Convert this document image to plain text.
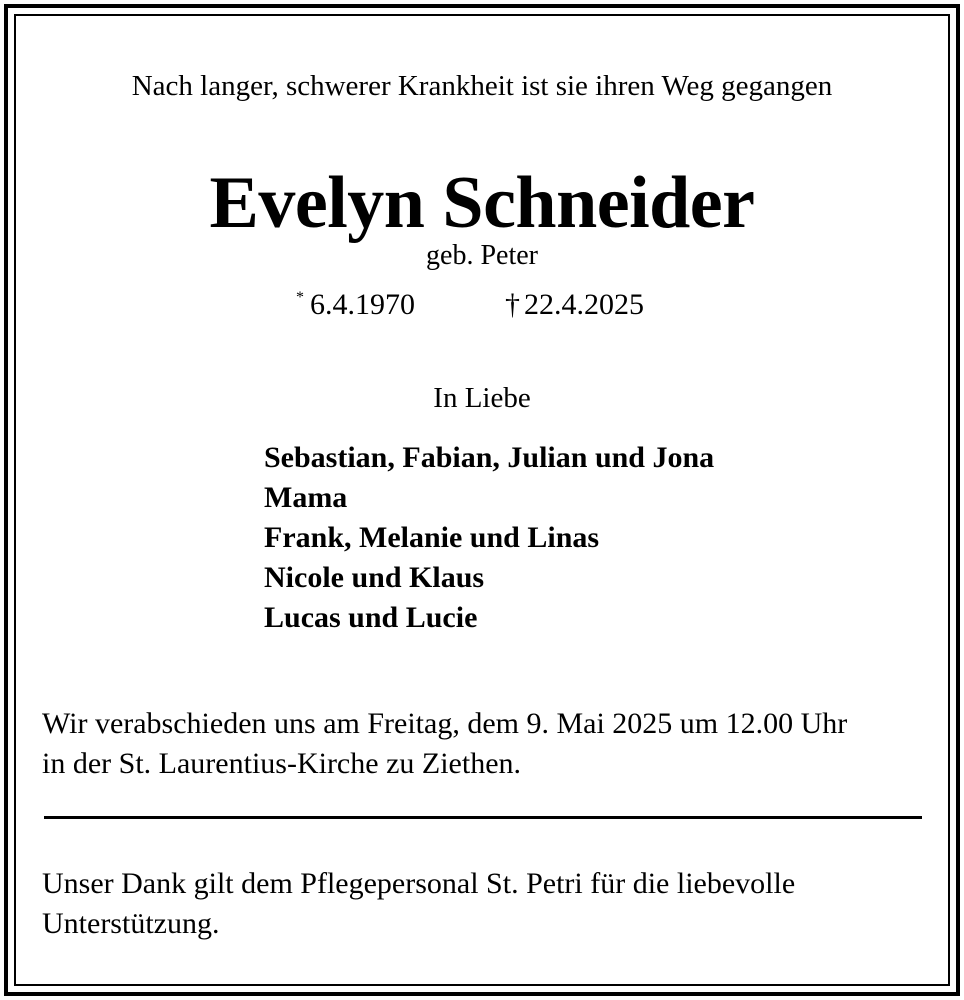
Nach langer, schwerer Krankheit ist sie ihren Weg gegangen
Evelyn Schneider
geb. Peter
* 6.4.1970	† 22.4.2025
In Liebe
Sebastian, Fabian, Julian und Jona
Mama
Frank, Melanie und Linas
Nicole und Klaus
Lucas und Lucie
Wir verabschieden uns am Freitag, dem 9. Mai 2025 um 12.00 Uhr
in der St. Laurentius-Kirche zu Ziethen.
Unser Dank gilt dem Pflegepersonal St. Petri für die liebevolle
Unterstützung.
